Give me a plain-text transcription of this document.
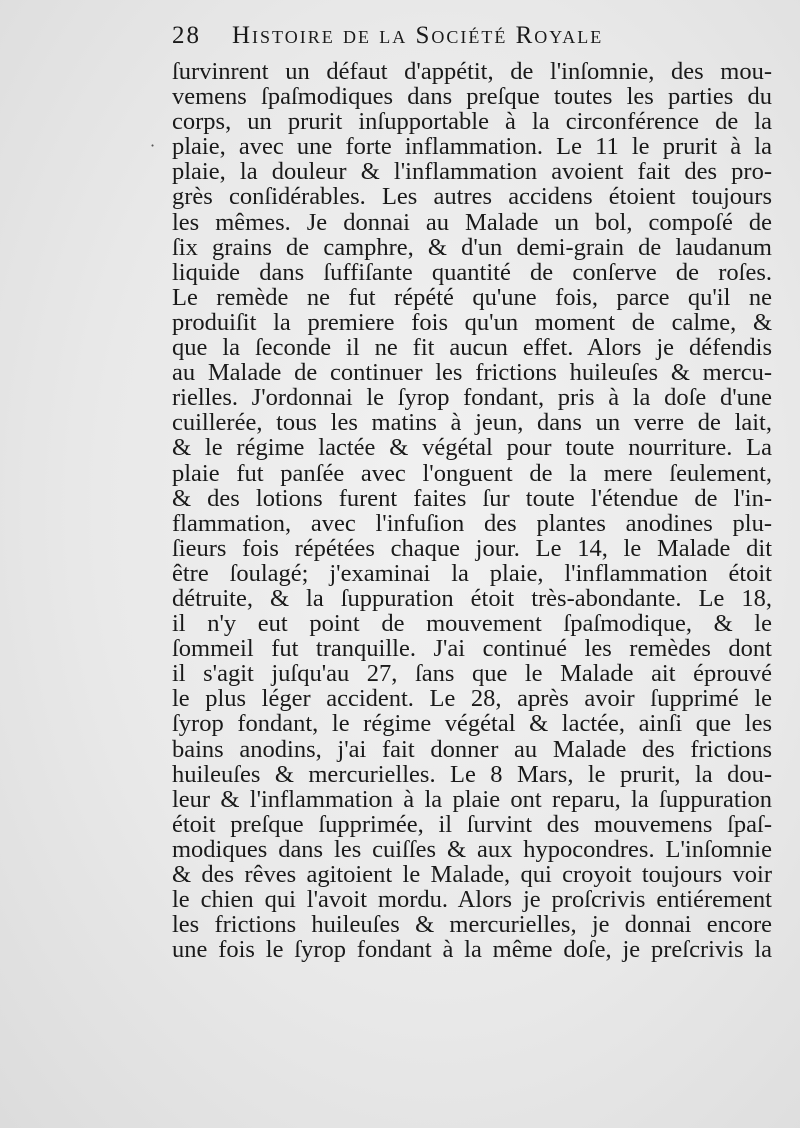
28 Histoire de la Société Royale
·
ſurvinrent un défaut d'appétit, de l'inſomnie, des mou-
vemens ſpaſmodiques dans preſque toutes les parties du
corps, un prurit inſupportable à la circonférence de la
plaie, avec une forte inflammation. Le 11 le prurit à la
plaie, la douleur & l'inflammation avoient fait des pro-
grès conſidérables. Les autres accidens étoient toujours
les mêmes. Je donnai au Malade un bol, compoſé de
ſix grains de camphre, & d'un demi-grain de laudanum
liquide dans ſuffiſante quantité de conſerve de roſes.
Le remède ne fut répété qu'une fois, parce qu'il ne
produiſit la premiere fois qu'un moment de calme, &
que la ſeconde il ne fit aucun effet. Alors je défendis
au Malade de continuer les frictions huileuſes & mercu-
rielles. J'ordonnai le ſyrop fondant, pris à la doſe d'une
cuillerée, tous les matins à jeun, dans un verre de lait,
& le régime lactée & végétal pour toute nourriture. La
plaie fut panſée avec l'onguent de la mere ſeulement,
& des lotions furent faites ſur toute l'étendue de l'in-
flammation, avec l'infuſion des plantes anodines plu-
ſieurs fois répétées chaque jour. Le 14, le Malade dit
être ſoulagé; j'examinai la plaie, l'inflammation étoit
détruite, & la ſuppuration étoit très-abondante. Le 18,
il n'y eut point de mouvement ſpaſmodique, & le
ſommeil fut tranquille. J'ai continué les remèdes dont
il s'agit juſqu'au 27, ſans que le Malade ait éprouvé
le plus léger accident. Le 28, après avoir ſupprimé le
ſyrop fondant, le régime végétal & lactée, ainſi que les
bains anodins, j'ai fait donner au Malade des frictions
huileuſes & mercurielles. Le 8 Mars, le prurit, la dou-
leur & l'inflammation à la plaie ont reparu, la ſuppuration
étoit preſque ſupprimée, il ſurvint des mouvemens ſpaſ-
modiques dans les cuiſſes & aux hypocondres. L'inſomnie
& des rêves agitoient le Malade, qui croyoit toujours voir
le chien qui l'avoit mordu. Alors je proſcrivis entiérement
les frictions huileuſes & mercurielles, je donnai encore
une fois le ſyrop fondant à la même doſe, je preſcrivis la
